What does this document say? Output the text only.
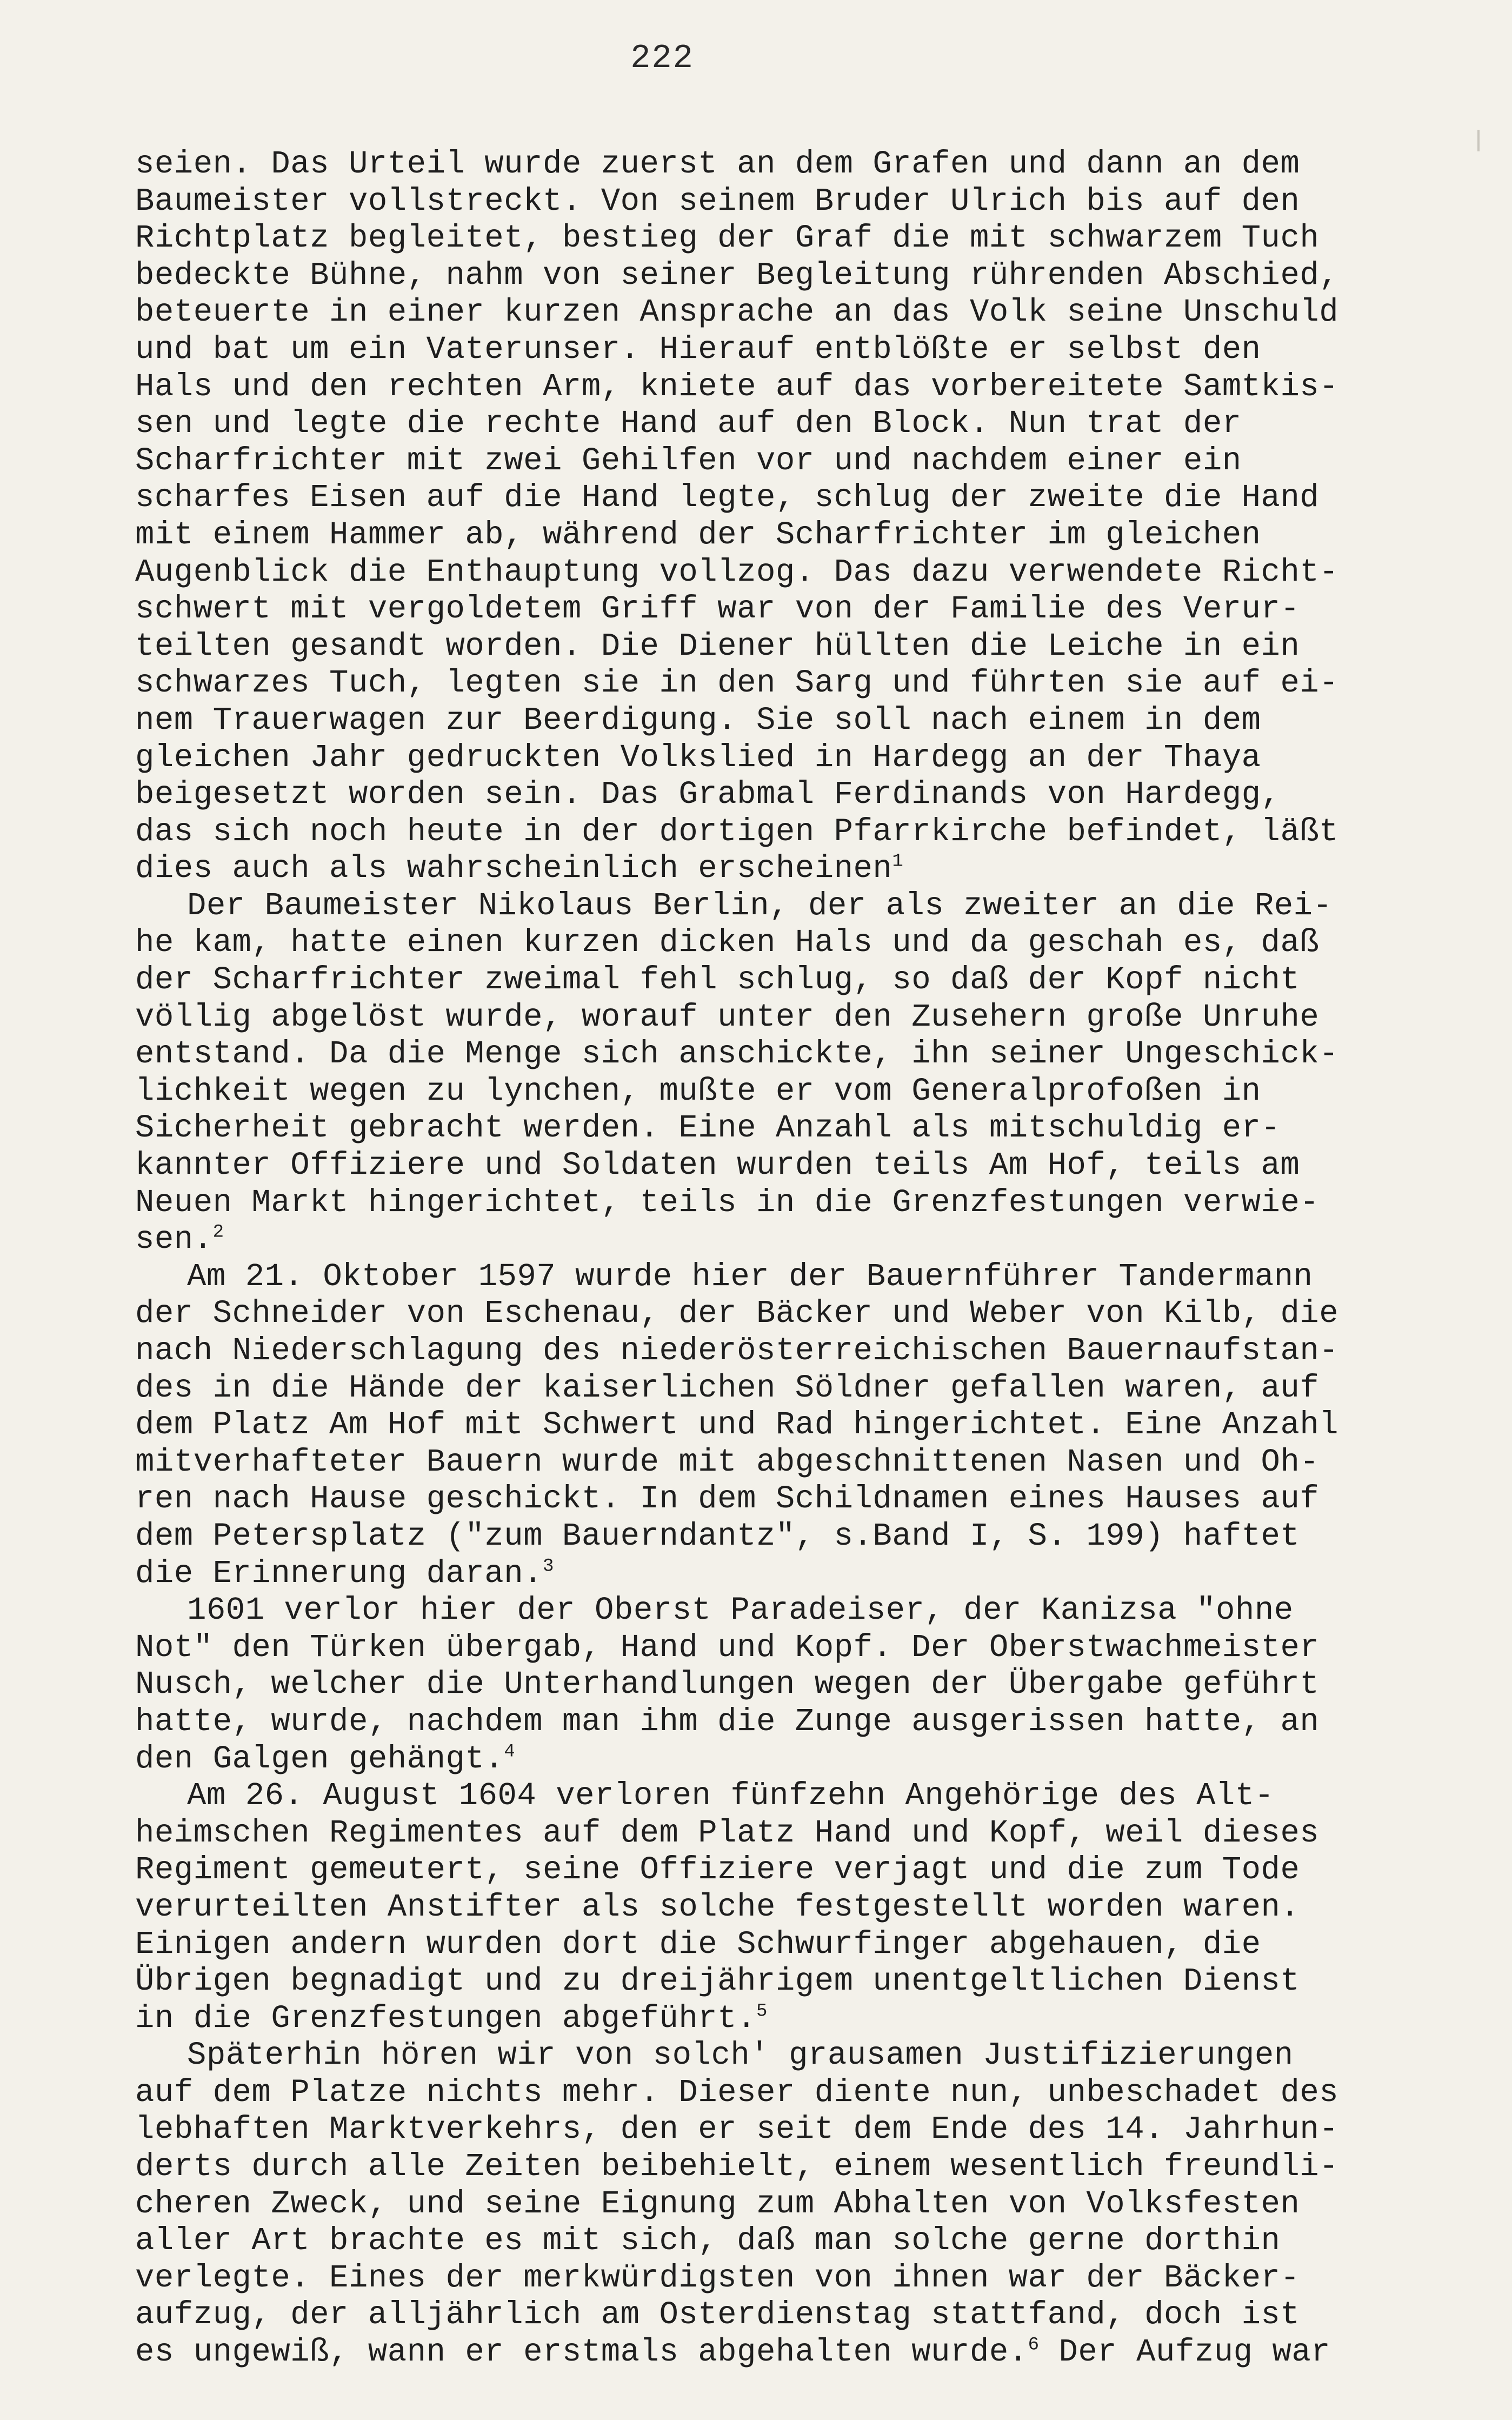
222
seien. Das Urteil wurde zuerst an dem Grafen und dann an dem
Baumeister vollstreckt. Von seinem Bruder Ulrich bis auf den
Richtplatz begleitet, bestieg der Graf die mit schwarzem Tuch
bedeckte Bühne, nahm von seiner Begleitung rührenden Abschied,
beteuerte in einer kurzen Ansprache an das Volk seine Unschuld
und bat um ein Vaterunser. Hierauf entblößte er selbst den
Hals und den rechten Arm, kniete auf das vorbereitete Samtkis-
sen und legte die rechte Hand auf den Block. Nun trat der
Scharfrichter mit zwei Gehilfen vor und nachdem einer ein
scharfes Eisen auf die Hand legte, schlug der zweite die Hand
mit einem Hammer ab, während der Scharfrichter im gleichen
Augenblick die Enthauptung vollzog. Das dazu verwendete Richt-
schwert mit vergoldetem Griff war von der Familie des Verur-
teilten gesandt worden. Die Diener hüllten die Leiche in ein
schwarzes Tuch, legten sie in den Sarg und führten sie auf ei-
nem Trauerwagen zur Beerdigung. Sie soll nach einem in dem
gleichen Jahr gedruckten Volkslied in Hardegg an der Thaya
beigesetzt worden sein. Das Grabmal Ferdinands von Hardegg,
das sich noch heute in der dortigen Pfarrkirche befindet, läßt
dies auch als wahrscheinlich erscheinen$^1$
Der Baumeister Nikolaus Berlin, der als zweiter an die Rei-
he kam, hatte einen kurzen dicken Hals und da geschah es, daß
der Scharfrichter zweimal fehl schlug, so daß der Kopf nicht
völlig abgelöst wurde, worauf unter den Zusehern große Unruhe
entstand. Da die Menge sich anschickte, ihn seiner Ungeschick-
lichkeit wegen zu lynchen, mußte er vom Generalprofoßen in
Sicherheit gebracht werden. Eine Anzahl als mitschuldig er-
kannter Offiziere und Soldaten wurden teils Am Hof, teils am
Neuen Markt hingerichtet, teils in die Grenzfestungen verwie-
sen.$^2$
Am 21. Oktober 1597 wurde hier der Bauernführer Tandermann
der Schneider von Eschenau, der Bäcker und Weber von Kilb, die
nach Niederschlagung des niederösterreichischen Bauernaufstan-
des in die Hände der kaiserlichen Söldner gefallen waren, auf
dem Platz Am Hof mit Schwert und Rad hingerichtet. Eine Anzahl
mitverhafteter Bauern wurde mit abgeschnittenen Nasen und Oh-
ren nach Hause geschickt. In dem Schildnamen eines Hauses auf
dem Petersplatz ("zum Bauerndantz", s.Band I, S. 199) haftet
die Erinnerung daran.$^3$
1601 verlor hier der Oberst Paradeiser, der Kanizsa "ohne
Not" den Türken übergab, Hand und Kopf. Der Oberstwachmeister
Nusch, welcher die Unterhandlungen wegen der Übergabe geführt
hatte, wurde, nachdem man ihm die Zunge ausgerissen hatte, an
den Galgen gehängt.$^4$
Am 26. August 1604 verloren fünfzehn Angehörige des Alt-
heimschen Regimentes auf dem Platz Hand und Kopf, weil dieses
Regiment gemeutert, seine Offiziere verjagt und die zum Tode
verurteilten Anstifter als solche festgestellt worden waren.
Einigen andern wurden dort die Schwurfinger abgehauen, die
Übrigen begnadigt und zu dreijährigem unentgeltlichen Dienst
in die Grenzfestungen abgeführt.$^5$
Späterhin hören wir von solch' grausamen Justifizierungen
auf dem Platze nichts mehr. Dieser diente nun, unbeschadet des
lebhaften Marktverkehrs, den er seit dem Ende des 14. Jahrhun-
derts durch alle Zeiten beibehielt, einem wesentlich freundli-
cheren Zweck, und seine Eignung zum Abhalten von Volksfesten
aller Art brachte es mit sich, daß man solche gerne dorthin
verlegte. Eines der merkwürdigsten von ihnen war der Bäcker-
aufzug, der alljährlich am Osterdienstag stattfand, doch ist
es ungewiß, wann er erstmals abgehalten wurde.$^6$ Der Aufzug war
